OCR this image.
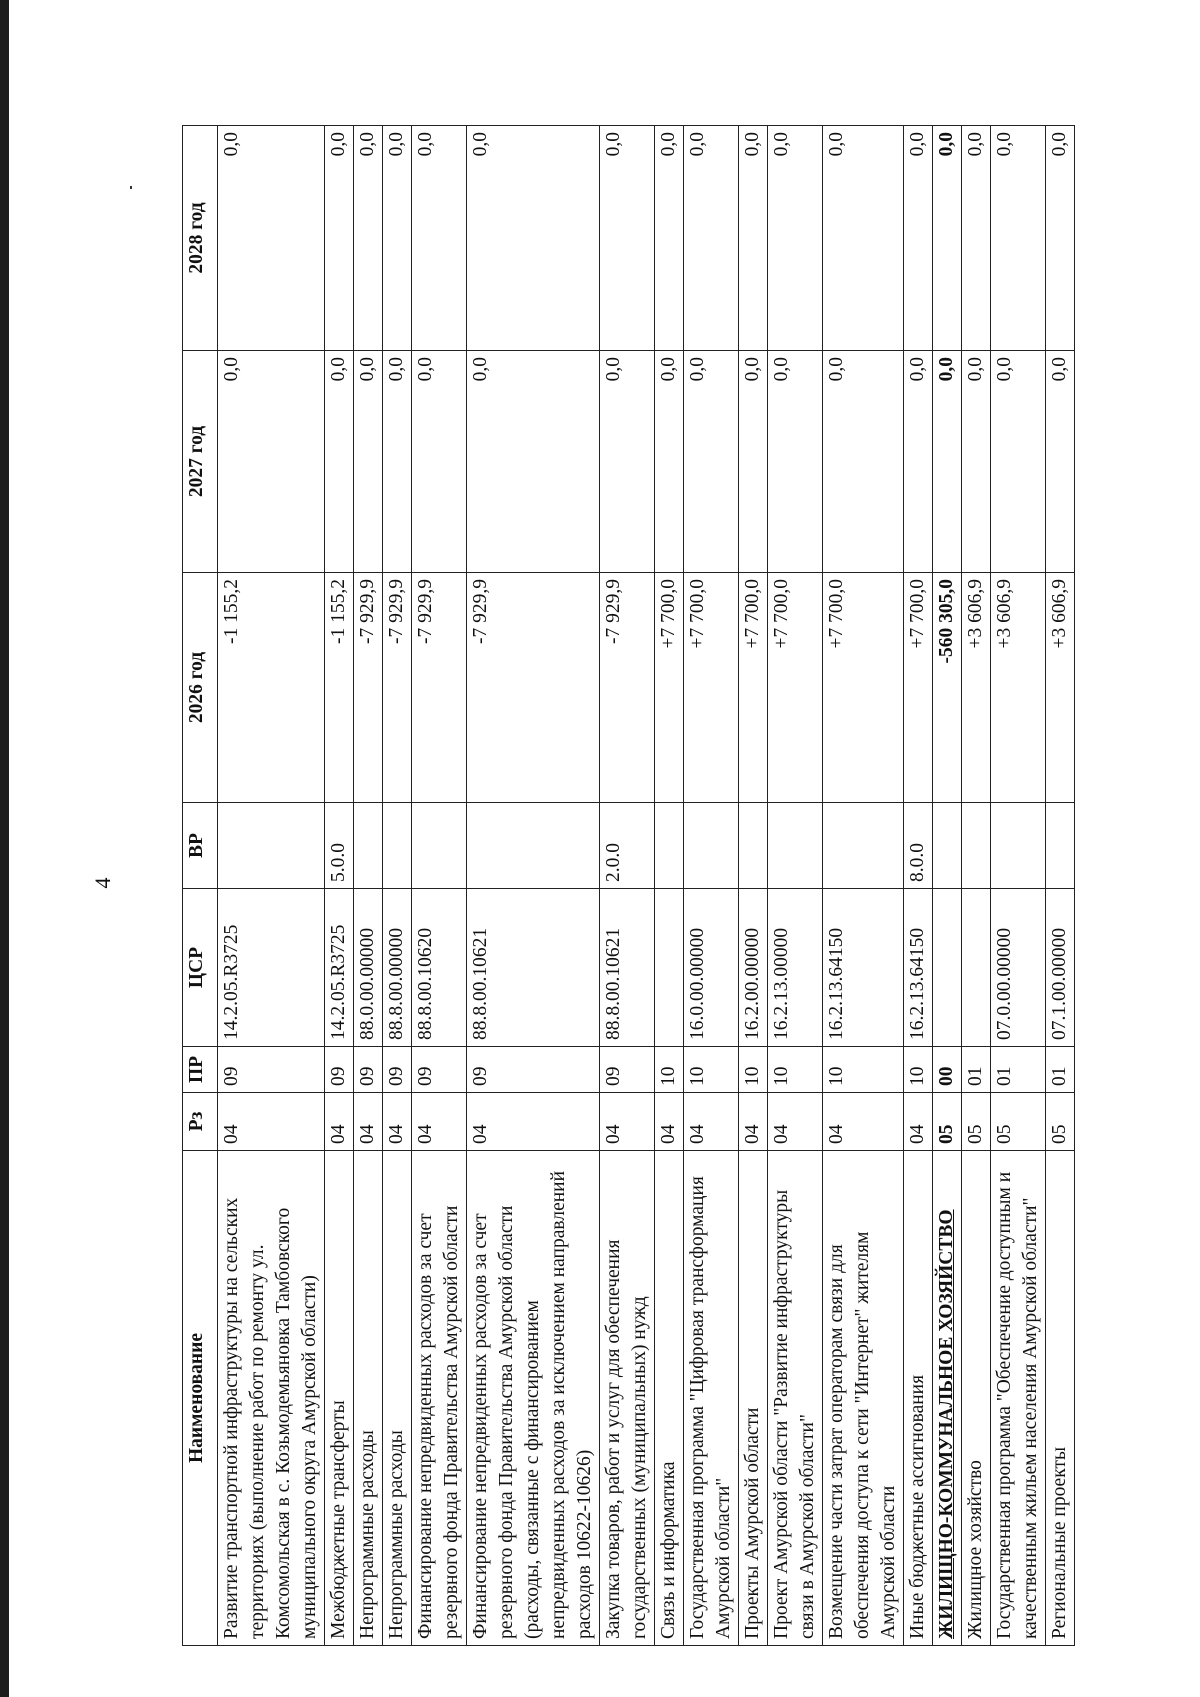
4
Наименование	Рз	ПР	ЦСР	ВР	2026 год	2027 год	2028 год
Развитие транспортной инфраструктуры на сельских территориях (выполнение работ по ремонту ул. Комсомольская в с. Козьмодемьяновка Тамбовского муниципального округа Амурской области)	04	09	14.2.05.R3725		-1 155,2	0,0	0,0
Межбюджетные трансферты	04	09	14.2.05.R3725	5.0.0	-1 155,2	0,0	0,0
Непрограммные расходы	04	09	88.0.00.00000		-7 929,9	0,0	0,0
Непрограммные расходы	04	09	88.8.00.00000		-7 929,9	0,0	0,0
Финансирование непредвиденных расходов за счет резервного фонда Правительства Амурской области	04	09	88.8.00.10620		-7 929,9	0,0	0,0
Финансирование непредвиденных расходов за счет резервного фонда Правительства Амурской области (расходы, связанные с финансированием непредвиденных расходов за исключением направлений расходов 10622-10626)	04	09	88.8.00.10621		-7 929,9	0,0	0,0
Закупка товаров, работ и услуг для обеспечения государственных (муниципальных) нужд	04	09	88.8.00.10621	2.0.0	-7 929,9	0,0	0,0
Связь и информатика	04	10			+7 700,0	0,0	0,0
Государственная программа "Цифровая трансформация Амурской области"	04	10	16.0.00.00000		+7 700,0	0,0	0,0
Проекты Амурской области	04	10	16.2.00.00000		+7 700,0	0,0	0,0
Проект Амурской области "Развитие инфраструктуры связи в Амурской области"	04	10	16.2.13.00000		+7 700,0	0,0	0,0
Возмещение части затрат операторам связи для обеспечения доступа к сети "Интернет" жителям Амурской области	04	10	16.2.13.64150		+7 700,0	0,0	0,0
Иные бюджетные ассигнования	04	10	16.2.13.64150	8.0.0	+7 700,0	0,0	0,0
ЖИЛИЩНО-КОММУНАЛЬНОЕ ХОЗЯЙСТВО	05	00			-560 305,0	0,0	0,0
Жилищное хозяйство	05	01			+3 606,9	0,0	0,0
Государственная программа "Обеспечение доступным и качественным жильем населения Амурской области"	05	01	07.0.00.00000		+3 606,9	0,0	0,0
Региональные проекты	05	01	07.1.00.00000		+3 606,9	0,0	0,0
